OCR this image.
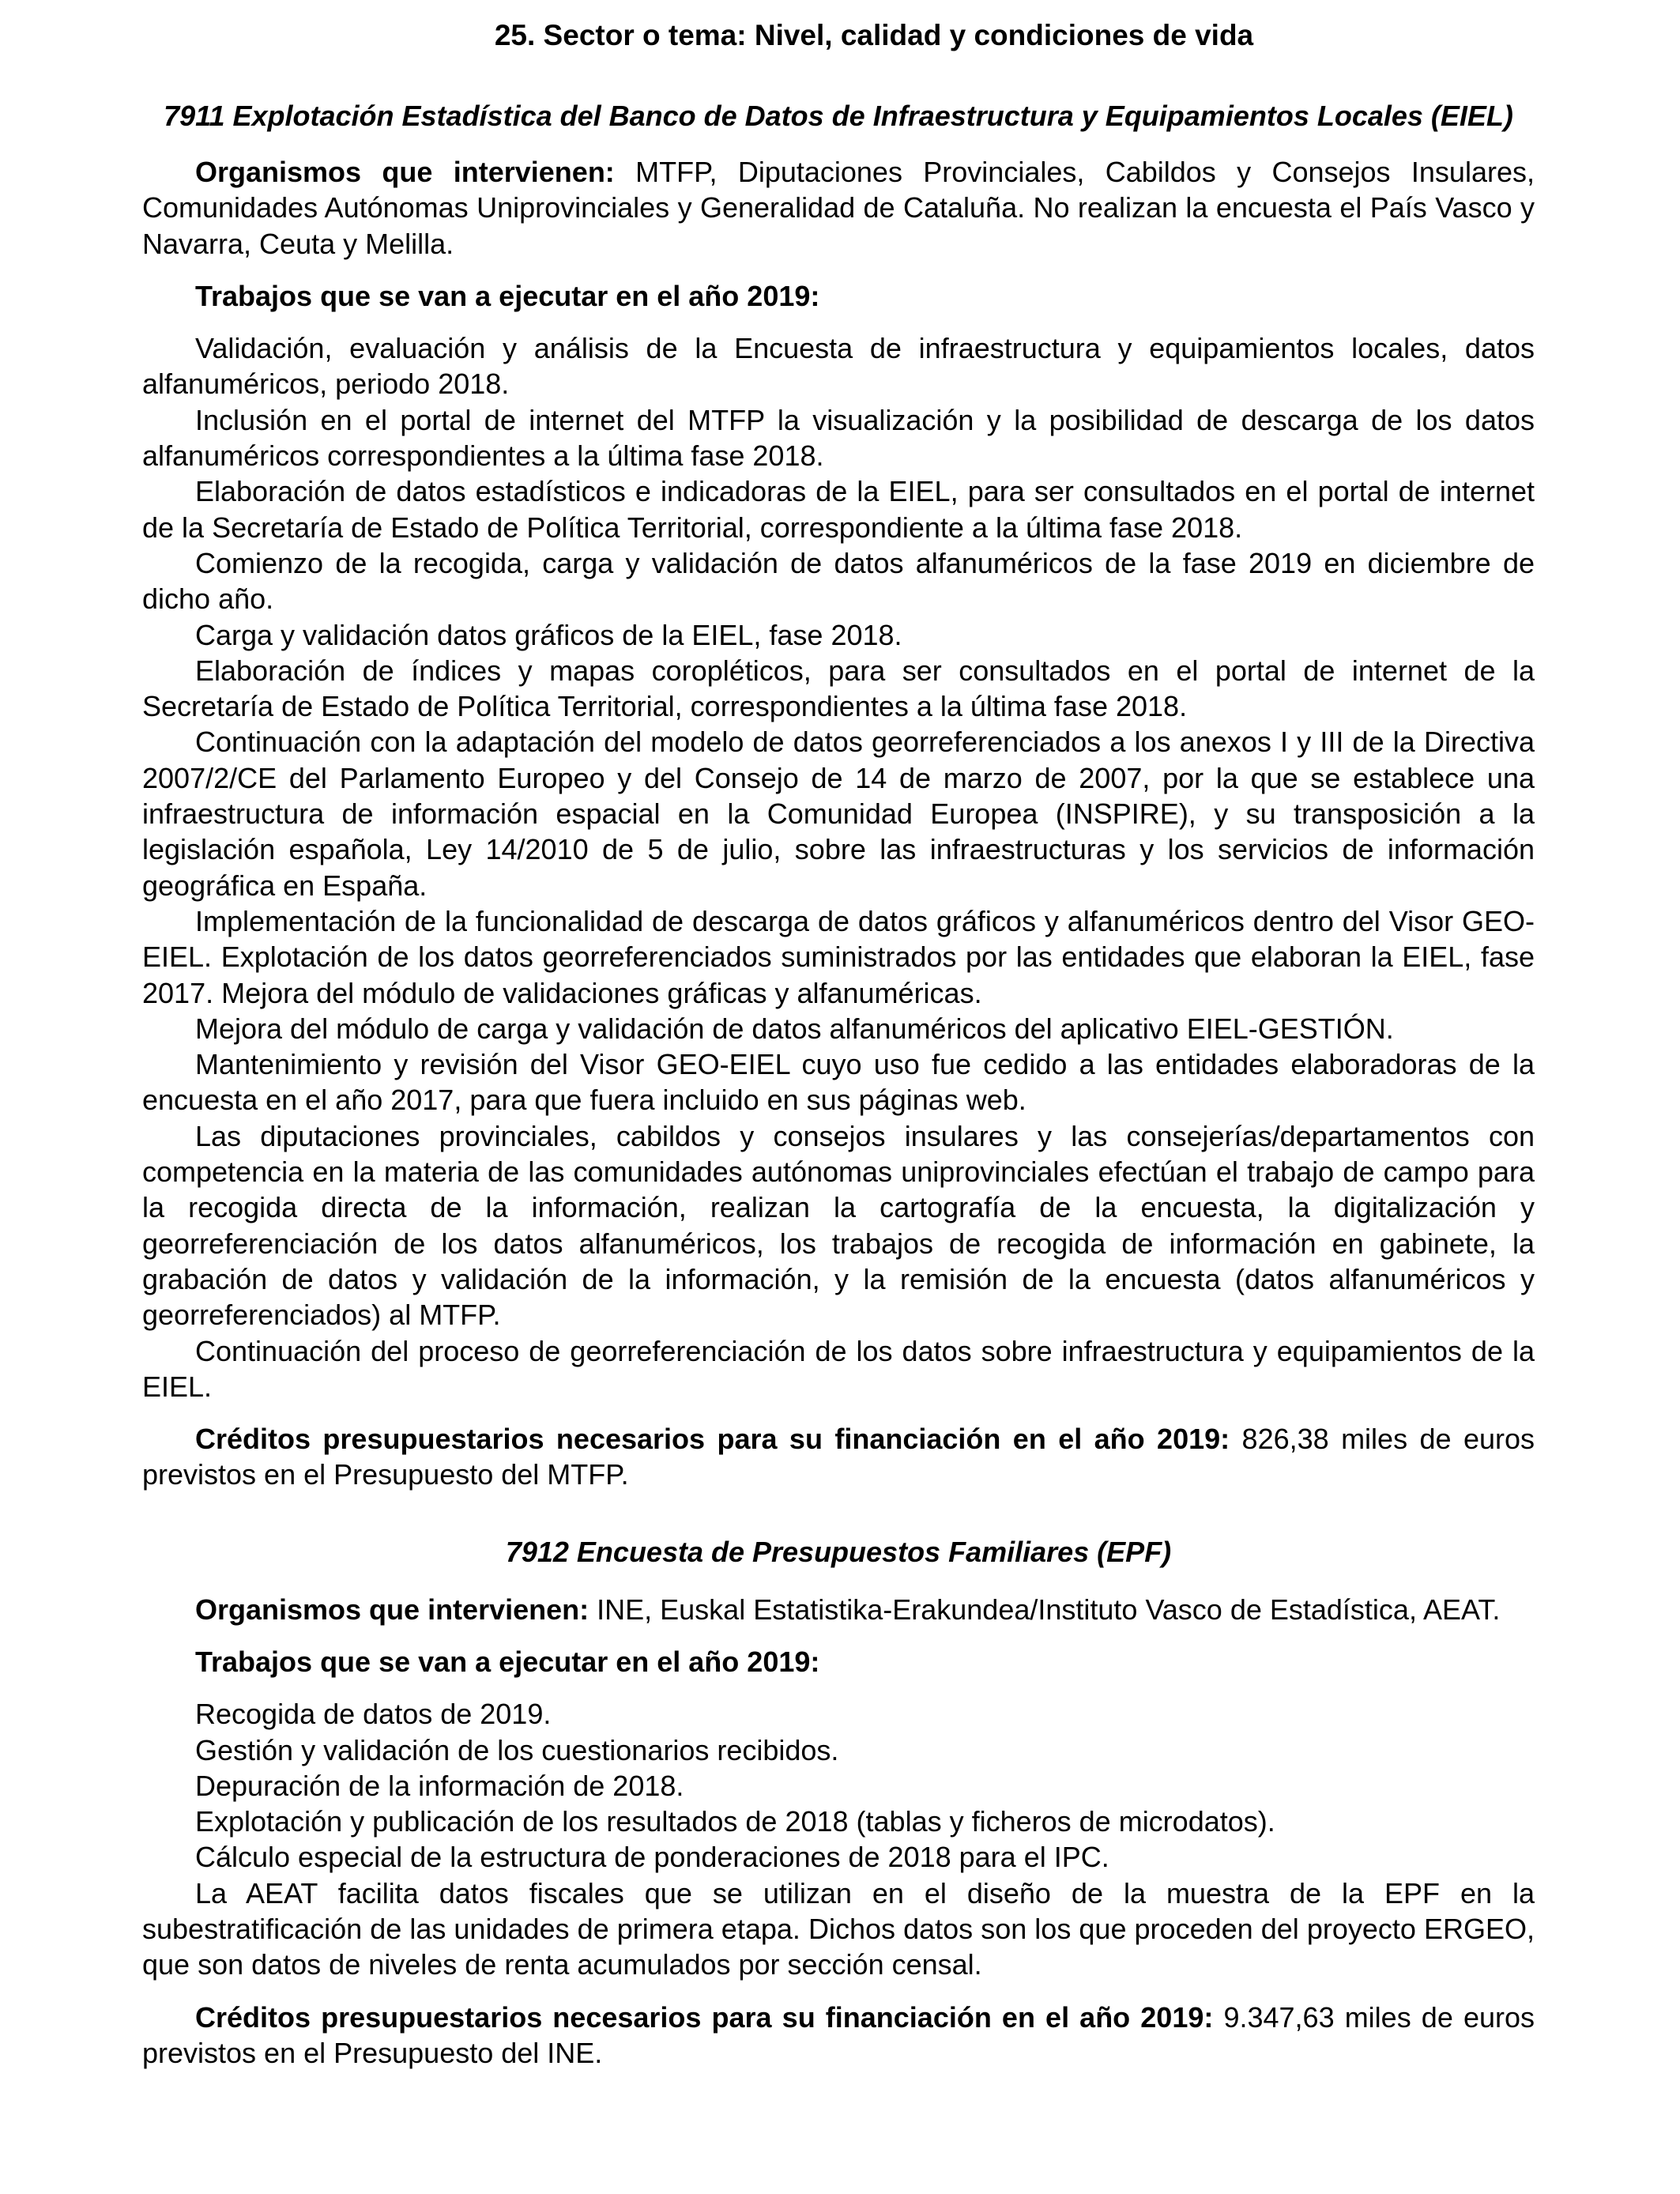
25. Sector o tema: Nivel, calidad y condiciones de vida
7911 Explotación Estadística del Banco de Datos de Infraestructura y Equipamientos Locales (EIEL)

Organismos que intervienen: MTFP, Diputaciones Provinciales, Cabildos y Consejos Insulares, Comunidades Autónomas Uniprovinciales y Generalidad de Cataluña. No realizan la encuesta el País Vasco y Navarra, Ceuta y Melilla.

Trabajos que se van a ejecutar en el año 2019:

Validación, evaluación y análisis de la Encuesta de infraestructura y equipamientos locales, datos alfanuméricos, periodo 2018.

Inclusión en el portal de internet del MTFP la visualización y la posibilidad de descarga de los datos alfanuméricos correspondientes a la última fase 2018.

Elaboración de datos estadísticos e indicadoras de la EIEL, para ser consultados en el portal de internet de la Secretaría de Estado de Política Territorial, correspondiente a la última fase 2018.

Comienzo de la recogida, carga y validación de datos alfanuméricos de la fase 2019 en diciembre de dicho año.

Carga y validación datos gráficos de la EIEL, fase 2018.

Elaboración de índices y mapas coropléticos, para ser consultados en el portal de internet de la Secretaría de Estado de Política Territorial, correspondientes a la última fase 2018.

Continuación con la adaptación del modelo de datos georreferenciados a los anexos I y III de la Directiva 2007/2/CE del Parlamento Europeo y del Consejo de 14 de marzo de 2007, por la que se establece una infraestructura de información espacial en la Comunidad Europea (INSPIRE), y su transposición a la legislación española, Ley 14/2010 de 5 de julio, sobre las infraestructuras y los servicios de información geográfica en España.

Implementación de la funcionalidad de descarga de datos gráficos y alfanuméricos dentro del Visor GEO-EIEL. Explotación de los datos georreferenciados suministrados por las entidades que elaboran la EIEL, fase 2017. Mejora del módulo de validaciones gráficas y alfanuméricas.

Mejora del módulo de carga y validación de datos alfanuméricos del aplicativo EIEL-GESTIÓN.

Mantenimiento y revisión del Visor GEO-EIEL cuyo uso fue cedido a las entidades elaboradoras de la encuesta en el año 2017, para que fuera incluido en sus páginas web.

Las diputaciones provinciales, cabildos y consejos insulares y las consejerías/departamentos con competencia en la materia de las comunidades autónomas uniprovinciales efectúan el trabajo de campo para la recogida directa de la información, realizan la cartografía de la encuesta, la digitalización y georreferenciación de los datos alfanuméricos, los trabajos de recogida de información en gabinete, la grabación de datos y validación de la información, y la remisión de la encuesta (datos alfanuméricos y georreferenciados) al MTFP.

Continuación del proceso de georreferenciación de los datos sobre infraestructura y equipamientos de la EIEL.

Créditos presupuestarios necesarios para su financiación en el año 2019: 826,38 miles de euros previstos en el Presupuesto del MTFP.

7912 Encuesta de Presupuestos Familiares (EPF)

Organismos que intervienen: INE, Euskal Estatistika-Erakundea/Instituto Vasco de Estadística, AEAT.

Trabajos que se van a ejecutar en el año 2019:

Recogida de datos de 2019.

Gestión y validación de los cuestionarios recibidos.

Depuración de la información de 2018.

Explotación y publicación de los resultados de 2018 (tablas y ficheros de microdatos).

Cálculo especial de la estructura de ponderaciones de 2018 para el IPC.

La AEAT facilita datos fiscales que se utilizan en el diseño de la muestra de la EPF en la subestratificación de las unidades de primera etapa. Dichos datos son los que proceden del proyecto ERGEO, que son datos de niveles de renta acumulados por sección censal.

Créditos presupuestarios necesarios para su financiación en el año 2019: 9.347,63 miles de euros previstos en el Presupuesto del INE.
